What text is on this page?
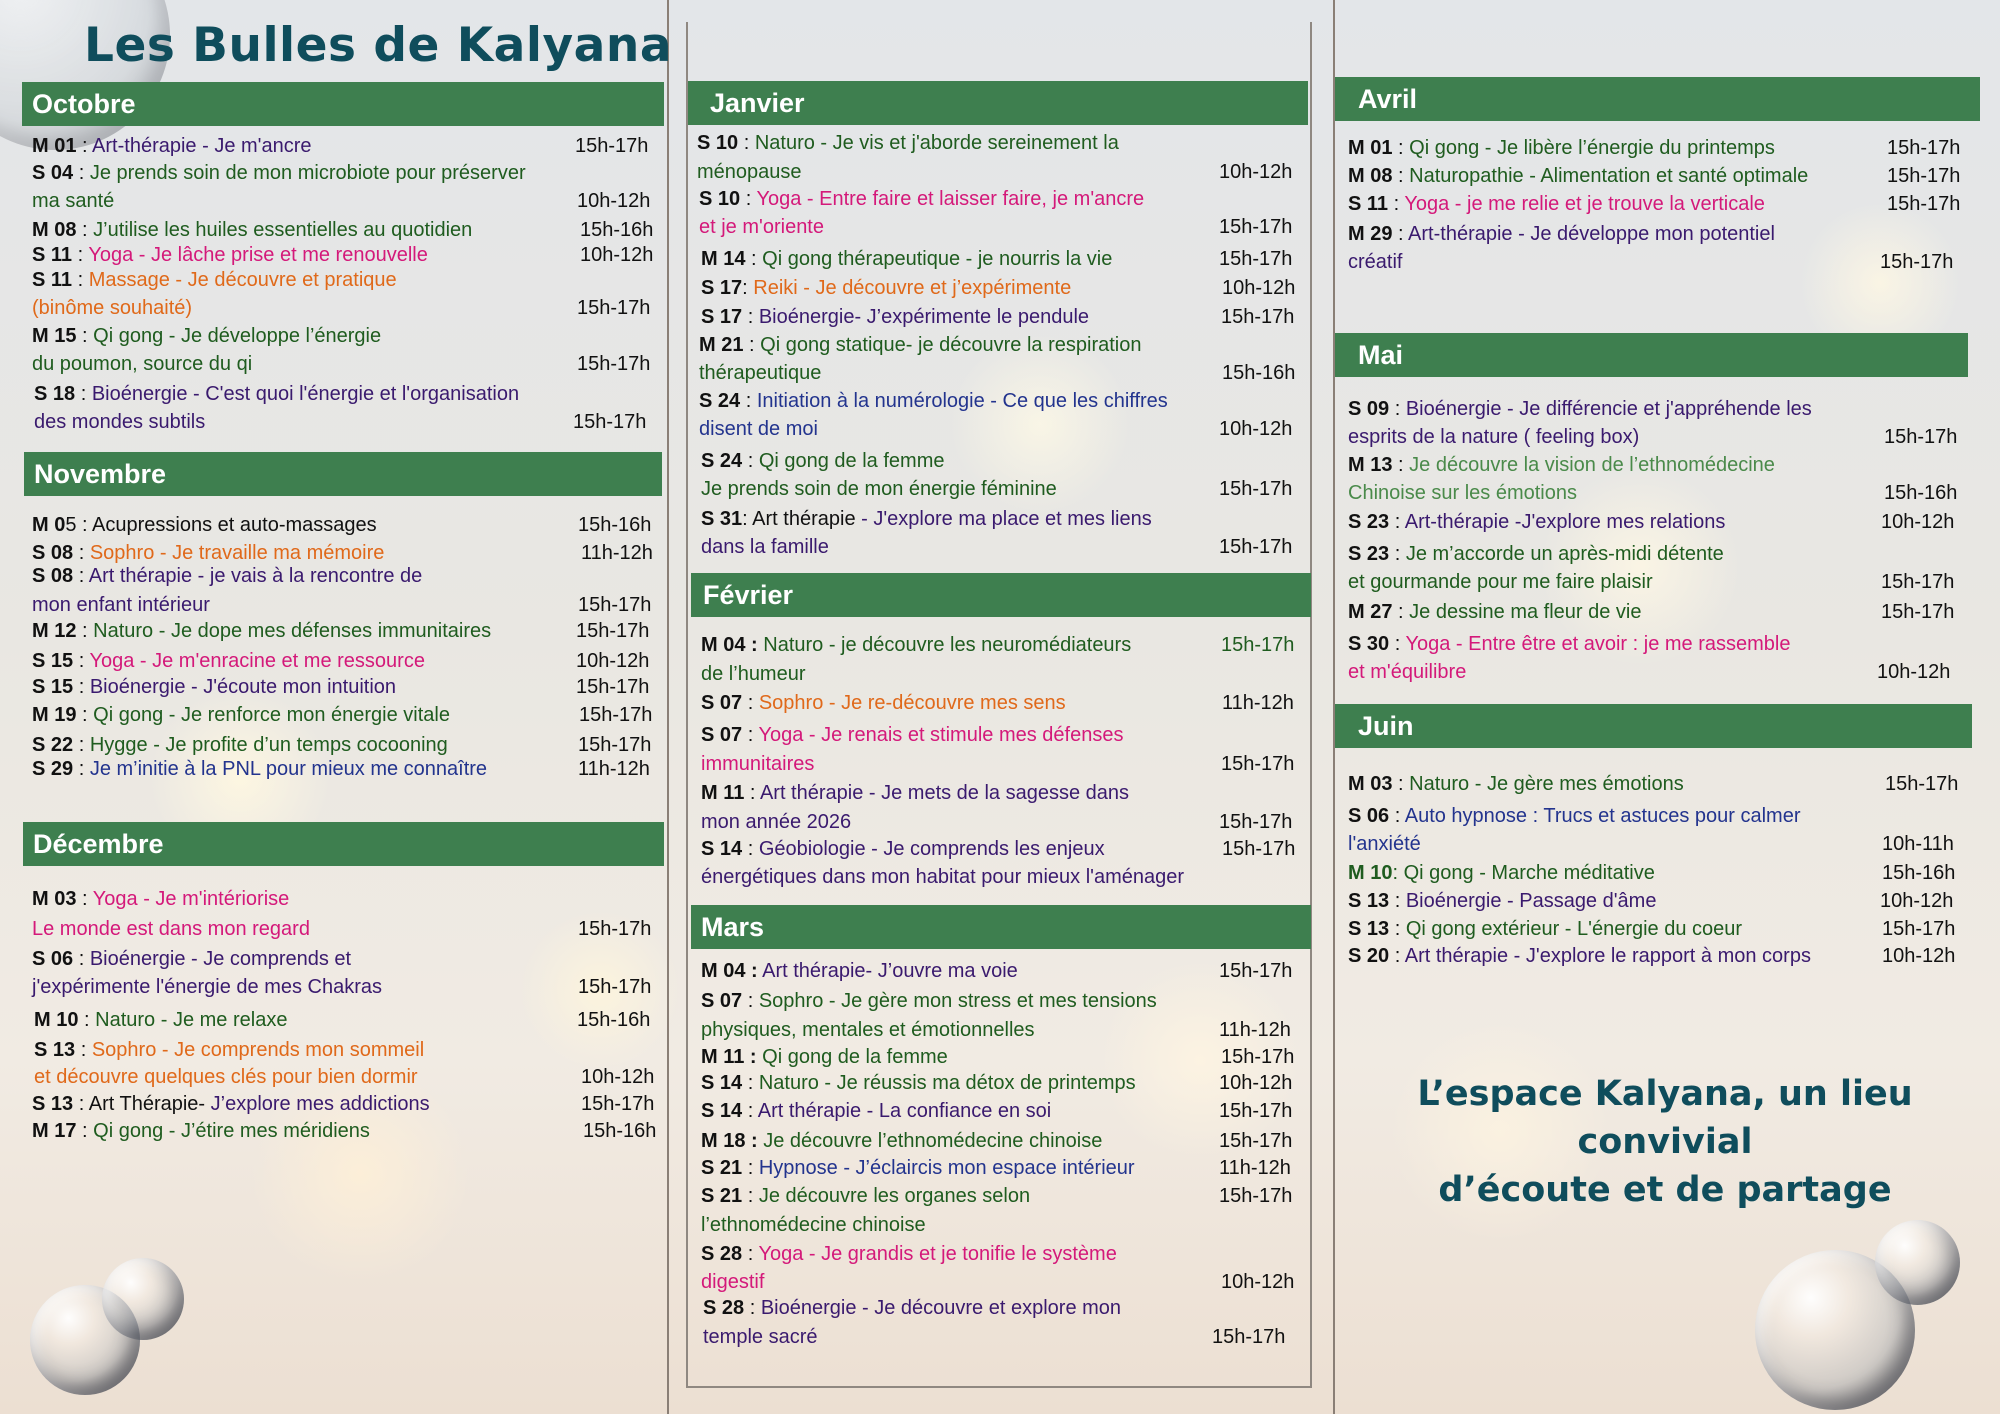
Les Bulles de Kalyana
Octobre
M 01 : Art-thérapie - Je m'ancre	15h-17h
S 04 : Je prends soin de mon microbiote pour préserver
ma santé	10h-12h
M 08 : J’utilise les huiles essentielles au quotidien	15h-16h
S 11 : Yoga - Je lâche prise et me renouvelle	10h-12h
S 11 : Massage - Je découvre et pratique
(binôme souhaité)	15h-17h
M 15 : Qi gong - Je développe l’énergie
du poumon, source du qi	15h-17h
S 18 : Bioénergie - C'est quoi l'énergie et l'organisation
des mondes subtils	15h-17h
Novembre
M 05 : Acupressions et auto-massages	15h-16h
S 08 : Sophro - Je travaille ma mémoire	11h-12h
S 08 : Art thérapie - je vais à la rencontre de
mon enfant intérieur	15h-17h
M 12 : Naturo - Je dope mes défenses immunitaires	15h-17h
S 15 : Yoga - Je m'enracine et me ressource	10h-12h
S 15 : Bioénergie - J'écoute mon intuition	15h-17h
M 19 : Qi gong - Je renforce mon énergie vitale	15h-17h
S 22 : Hygge - Je profite d’un temps cocooning	15h-17h
S 29 : Je m’initie à la PNL pour mieux me connaître	11h-12h
Décembre
M 03 : Yoga - Je m'intériorise
Le monde est dans mon regard	15h-17h
S 06 : Bioénergie - Je comprends et
j'expérimente l'énergie de mes Chakras	15h-17h
M 10 : Naturo - Je me relaxe	15h-16h
S 13 : Sophro - Je comprends mon sommeil
et découvre quelques clés pour bien dormir	10h-12h
S 13 : Art Thérapie- J’explore mes addictions	15h-17h
M 17 : Qi gong - J’étire mes méridiens	15h-16h
Janvier
S 10 : Naturo - Je vis et j'aborde sereinement la
ménopause	10h-12h
S 10 : Yoga - Entre faire et laisser faire, je m'ancre
et je m'oriente	15h-17h
M 14 : Qi gong thérapeutique - je nourris la vie	15h-17h
S 17: Reiki - Je découvre et j’expérimente	10h-12h
S 17 : Bioénergie- J’expérimente le pendule	15h-17h
M 21 : Qi gong statique- je découvre la respiration
thérapeutique	15h-16h
S 24 : Initiation à la numérologie - Ce que les chiffres
disent de moi	10h-12h
S 24 : Qi gong de la femme
Je prends soin de mon énergie féminine	15h-17h
S 31: Art thérapie - J'explore ma place et mes liens
dans la famille	15h-17h
Février
M 04 : Naturo - je découvre les neuromédiateurs
de l’humeur
15h-17h
S 07 : Sophro - Je re-découvre mes sens	11h-12h
S 07 : Yoga - Je renais et stimule mes défenses
immunitaires	15h-17h
M 11 : Art thérapie - Je mets de la sagesse dans
mon année 2026	15h-17h
S 14 : Géobiologie - Je comprends les enjeux
énergétiques dans mon habitat pour mieux l'aménager
15h-17h
Mars
M 04 : Art thérapie- J’ouvre ma voie	15h-17h
S 07 : Sophro - Je gère mon stress et mes tensions
physiques, mentales et émotionnelles	11h-12h
M 11 : Qi gong de la femme	15h-17h
S 14 : Naturo - Je réussis ma détox de printemps	10h-12h
S 14 : Art thérapie - La confiance en soi	15h-17h
M 18 : Je découvre l’ethnomédecine chinoise	15h-17h
S 21 : Hypnose - J’éclaircis mon espace intérieur	11h-12h
S 21 : Je découvre les organes selon
l’ethnomédecine chinoise
15h-17h
S 28 : Yoga - Je grandis et je tonifie le système
digestif	10h-12h
S 28 : Bioénergie - Je découvre et explore mon
temple sacré	15h-17h
Avril
M 01 : Qi gong - Je libère l’énergie du printemps	15h-17h
M 08 : Naturopathie - Alimentation et santé optimale	15h-17h
S 11 : Yoga - je me relie et je trouve la verticale	15h-17h
M 29 : Art-thérapie - Je développe mon potentiel
créatif	15h-17h
Mai
S 09 : Bioénergie - Je différencie et j'appréhende les
esprits de la nature ( feeling box)	15h-17h
M 13 : Je découvre la vision de l’ethnomédecine
Chinoise sur les émotions	15h-16h
S 23 : Art-thérapie -J'explore mes relations	10h-12h
S 23 : Je m’accorde un après-midi détente
et gourmande pour me faire plaisir	15h-17h
M 27 : Je dessine ma fleur de vie	15h-17h
S 30 : Yoga - Entre être et avoir : je me rassemble
et m'équilibre	10h-12h
Juin
M 03 : Naturo - Je gère mes émotions	15h-17h
S 06 : Auto hypnose : Trucs et astuces pour calmer
l'anxiété	10h-11h
M 10: Qi gong - Marche méditative	15h-16h
S 13 : Bioénergie - Passage d'âme	10h-12h
S 13 : Qi gong extérieur - L'énergie du coeur	15h-17h
S 20 : Art thérapie - J'explore le rapport à mon corps	10h-12h
L’espace Kalyana, un lieu convivial
d’écoute et de partage
